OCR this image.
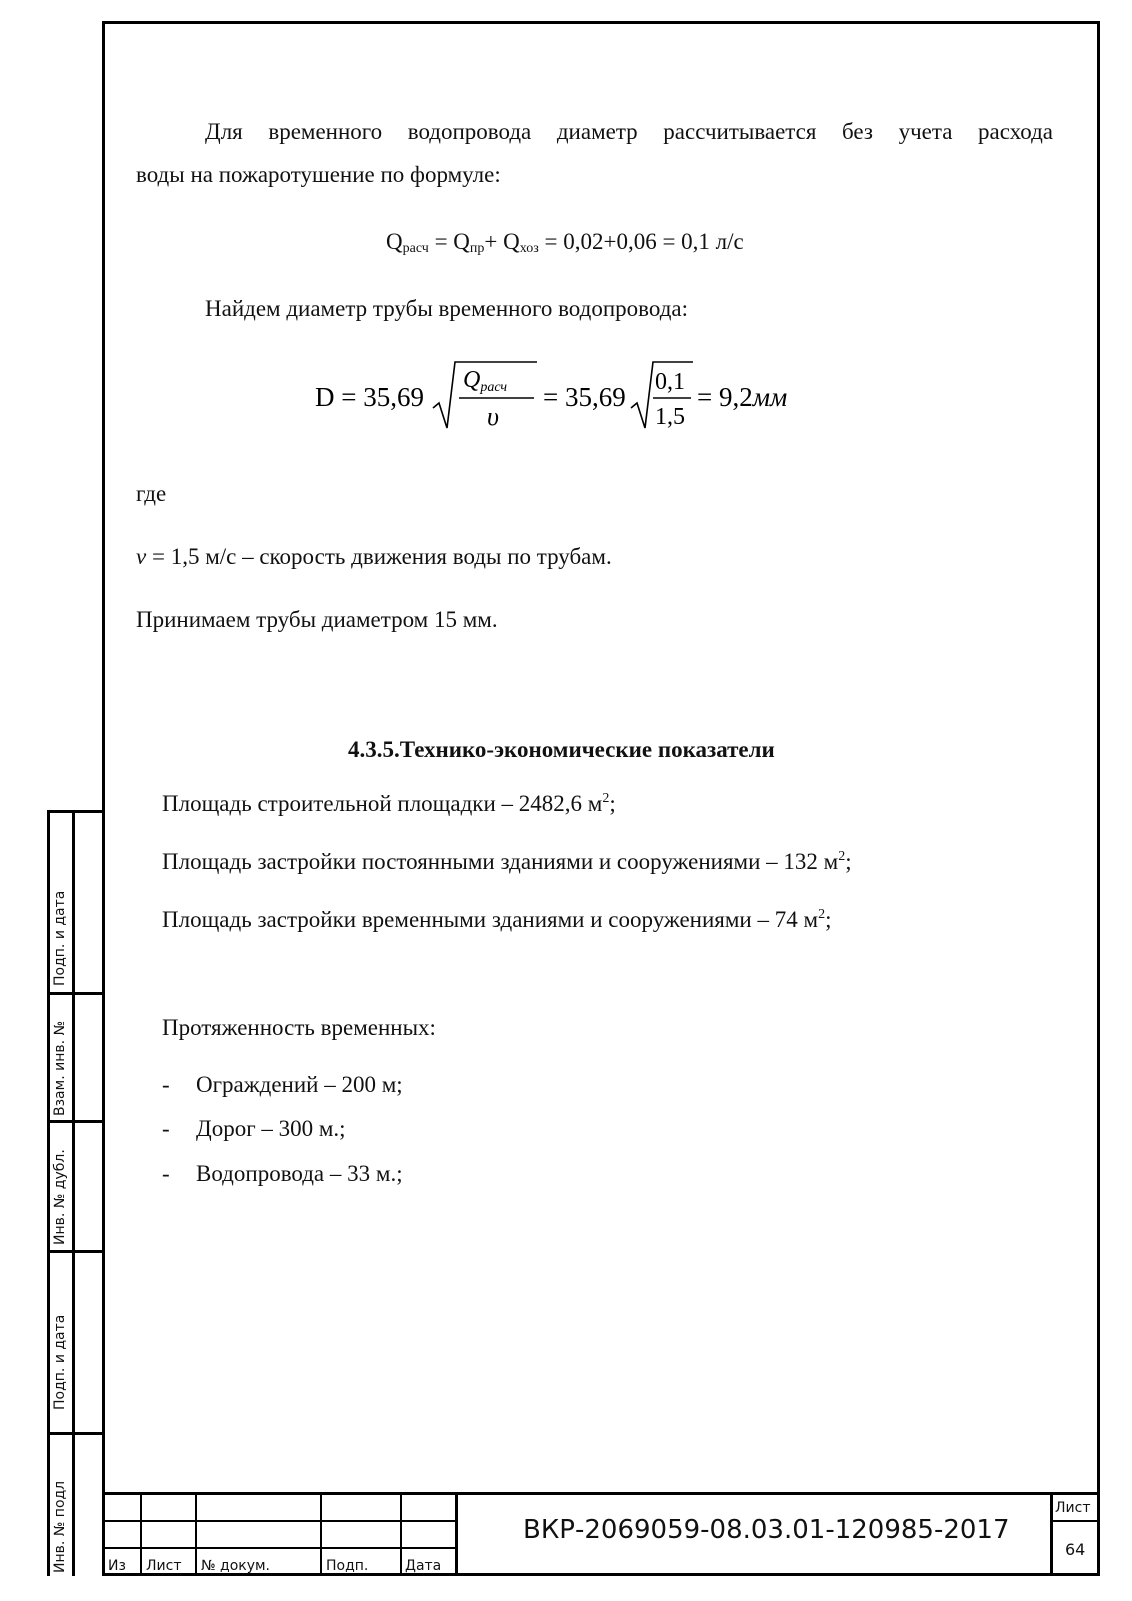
Для временного водопровода диаметр рассчитывается без учета расхода
воды на пожаротушение по формуле:
$Q_{расч} = Q_{пр}+ Q_{хоз} = 0,02+0,06 = 0,1$ л/с
Найдем диаметр трубы временного водопровода:
D = 35,69
Qрасч
υ
= 35,69 0,1
1,5
= 9,2мм
где
ν = 1,5 м/с – скорость движения воды по трубам.
Принимаем трубы диаметром 15 мм.
4.3.5.Технико-экономические показатели
Площадь строительной площадки – 2482,6 $м^2$;
Площадь застройки постоянными зданиями и сооружениями – 132 $м^2$;
Площадь застройки временными зданиями и сооружениями – 74 $м^2$;
Протяженность временных:
- Ограждений – 200 м;
- Дорог – 300 м.;
- Водопровода – 33 м.;
Инв. № подл
Подп. и дата
Инв. № дубл.
Взам. инв. №
Подп. и дата
Из Лист № докум.	Подп.	Дата
Лист
64
ВКР-2069059-08.03.01-120985-2017
